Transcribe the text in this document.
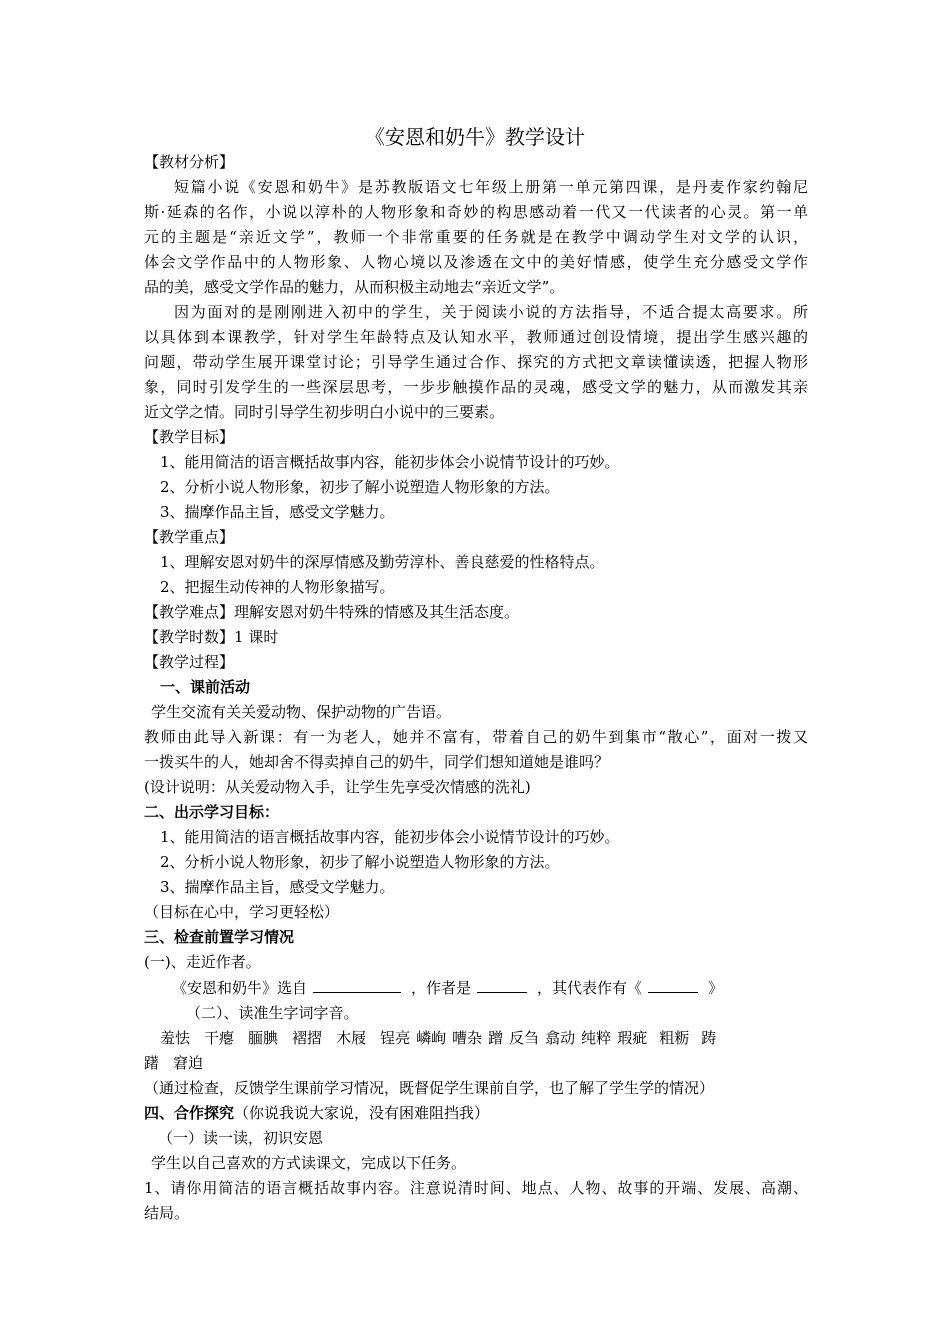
《安恩和奶牛》教学设计

【教材分析】

短篇小说《安恩和奶牛》是苏教版语文七年级上册第一单元第四课，是丹麦作家约翰尼

斯·延森的名作，小说以淳朴的人物形象和奇妙的构思感动着一代又一代读者的心灵。第一单

元的主题是“亲近文学”，教师一个非常重要的任务就是在教学中调动学生对文学的认识，

体会文学作品中的人物形象、人物心境以及渗透在文中的美好情感，使学生充分感受文学作

品的美，感受文学作品的魅力，从而积极主动地去“亲近文学”。

因为面对的是刚刚进入初中的学生，关于阅读小说的方法指导，不适合提太高要求。所

以具体到本课教学，针对学生年龄特点及认知水平，教师通过创设情境，提出学生感兴趣的

问题，带动学生展开课堂讨论；引导学生通过合作、探究的方式把文章读懂读透，把握人物形

象，同时引发学生的一些深层思考，一步步触摸作品的灵魂，感受文学的魅力，从而激发其亲

近文学之情。同时引导学生初步明白小说中的三要素。

【教学目标】

1、能用简洁的语言概括故事内容，能初步体会小说情节设计的巧妙。

2、分析小说人物形象，初步了解小说塑造人物形象的方法。

3、揣摩作品主旨，感受文学魅力。

【教学重点】

1、理解安恩对奶牛的深厚情感及勤劳淳朴、善良慈爱的性格特点。

2、把握生动传神的人物形象描写。

【教学难点】理解安恩对奶牛特殊的情感及其生活态度。

【教学时数】1 课时

【教学过程】

一、课前活动

学生交流有关关爱动物、保护动物的广告语。

教师由此导入新课：有一为老人，她并不富有，带着自己的奶牛到集市“散心”，面对一拨又

一拨买牛的人，她却舍不得卖掉自己的奶牛，同学们想知道她是谁吗？

(设计说明：从关爱动物入手，让学生先享受次情感的洗礼)

二、出示学习目标：

1、能用简洁的语言概括故事内容，能初步体会小说情节设计的巧妙。

2、分析小说人物形象，初步了解小说塑造人物形象的方法。

3、揣摩作品主旨，感受文学魅力。

（目标在心中，学习更轻松）

三、检查前置学习情况

(一)、走近作者。

《安恩和奶牛》选自	，作者是	，其代表作有《	》

（二）、读准生字词字音。

羞怯 干瘪 腼腆 褶摺 木屐 锃亮 嶙峋 嘈杂 蹭 反刍 翕动 纯粹 瑕疵 粗粝 踌

躇 窘迫

（通过检查，反馈学生课前学习情况，既督促学生课前自学，也了解了学生学的情况）

四、合作探究（你说我说大家说，没有困难阻挡我）

（一）读一读，初识安恩

学生以自己喜欢的方式读课文，完成以下任务。

1、请你用简洁的语言概括故事内容。注意说清时间、地点、人物、故事的开端、发展、高潮、

结局。
